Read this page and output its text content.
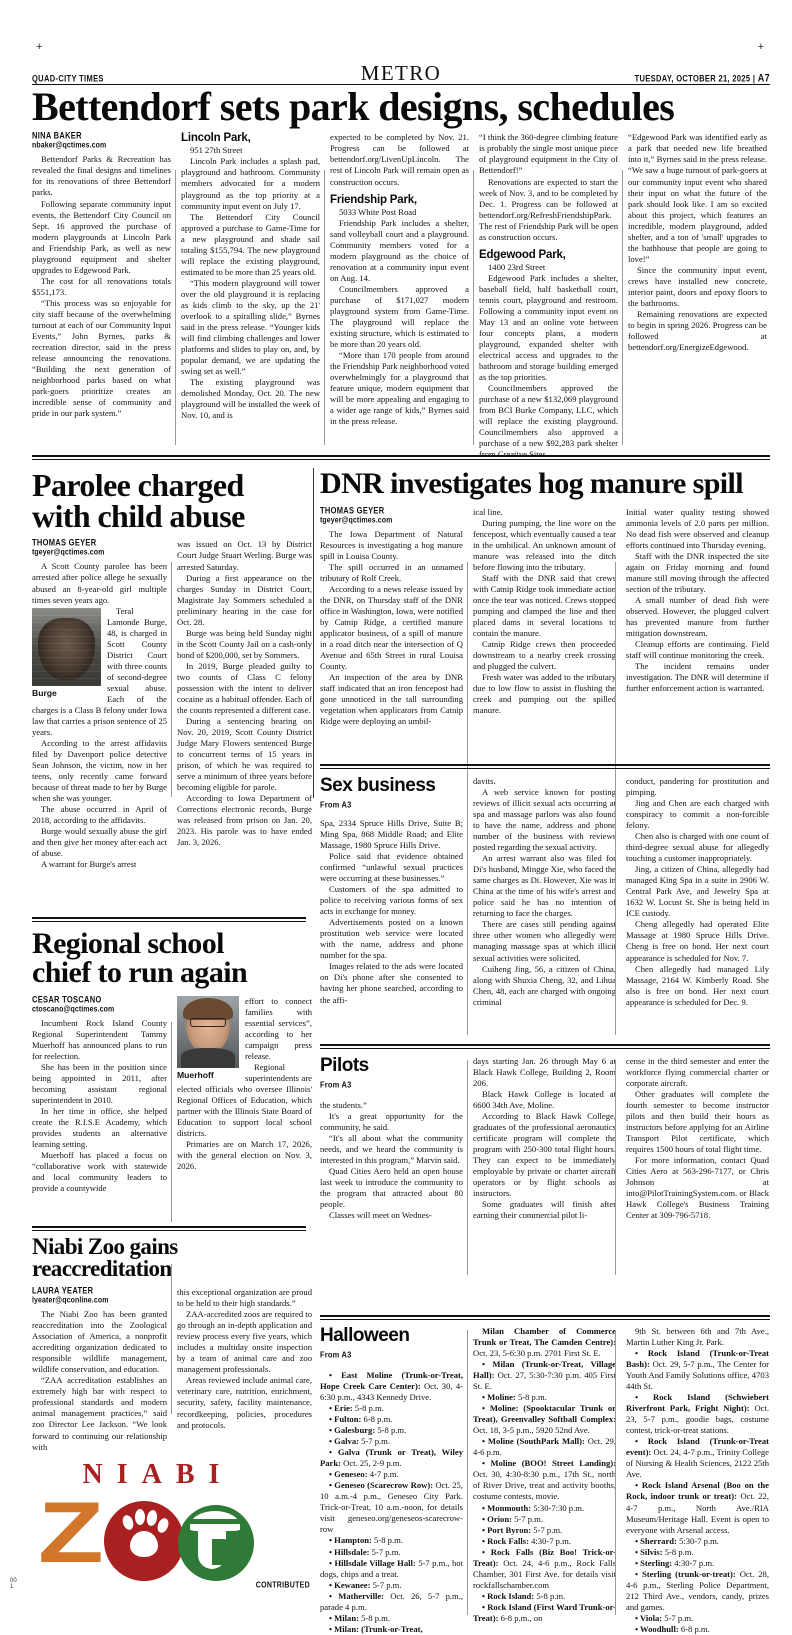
+	+
QUAD-CITY TIMES	METRO	TUESDAY, OCTOBER 21, 2025 | A7
Bettendorf sets park designs, schedules
NINA BAKER
nbaker@qctimes.com

Bettendorf Parks & Recreation has revealed the final designs and timelines for its renovations of three Bettendorf parks.

Following separate community input events, the Bettendorf City Council on Sept. 16 approved the purchase of modern playgrounds at Lincoln Park and Friendship Park, as well as new playground equipment and shelter upgrades to Edgewood Park.

The cost for all renovations totals $551,173.

“This process was so enjoyable for city staff because of the overwhelming turnout at each of our Community Input Events,” John Byrnes, parks & recreation director, said in the press release announcing the renovations. “Building the next generation of neighborhood parks based on what park-goers prioritize creates an incredible sense of community and pride in our park system.”

Lincoln Park,

951 27th Street

Lincoln Park includes a splash pad, playground and bathroom. Community members advocated for a modern playground as the top priority at a community input event on July 17.

The Bettendorf City Council approved a purchase to Game-Time for a new playground and shade sail totaling $155,794. The new playground will replace the existing playground, estimated to be more than 25 years old.

“This modern playground will tower over the old playground it is replacing as kids climb to the sky, up the 21' overlook to a spiralling slide,” Byrnes said in the press release. “Younger kids will find climbing challenges and lower platforms and slides to play on, and, by popular demand, we are updating the swing set as well.”

The existing playground was demolished Monday, Oct. 20. The new playground will be installed the week of Nov. 10, and is

expected to be completed by Nov. 21. Progress can be followed at bettendorf.org/LivenUpLincoln. The rest of Lincoln Park will remain open as construction occurs.

Friendship Park,

5033 White Post Road

Friendship Park includes a shelter, sand volleyball court and a playground. Community members voted for a modern playground as the choice of renovation at a community input event on Aug. 14.

Councilmembers approved a purchase of $171,027 modern playground system from Game-Time. The playground will replace the existing structure, which is estimated to be more than 20 years old.

“More than 170 people from around the Friendship Park neighborhood voted overwhelmingly for a playground that feature unique, modern equipment that will be more appealing and engaging to a wider age range of kids,” Byrnes said in the press release.

“I think the 360-degree climbing feature is probably the single most unique piece of playground equipment in the City of Bettendorf!”

Renovations are expected to start the week of Nov. 3, and to be completed by Dec. 1. Progress can be followed at bettendorf.org/RefreshFriendshipPark. The rest of Friendship Park will be open as construction occurs.

Edgewood Park,

1400 23rd Street

Edgewood Park includes a shelter, baseball field, half basketball court, tennis court, playground and restroom. Following a community input event on May 13 and an online vote between four concepts plans, a modern playground, expanded shelter with electrical access and upgrades to the bathroom and storage building emerged as the top priorities.

Councilmembers approved the purchase of a new $132,069 playground from BCI Burke Company, LLC, which will replace the existing playground. Councilmembers also approved a purchase of a new $92,283 park shelter from Creative Sites.

“Edgewood Park was identified early as a park that needed new life breathed into it,” Byrnes said in the press release. “We saw a huge turnout of park-goers at our community input event who shared their input on what the future of the park should look like. I am so excited about this project, which features an incredible, modern playground, added shelter, and a ton of 'small' upgrades to the bathhouse that people are going to love!”

Since the community input event, crews have installed new concrete, interior paint, doors and epoxy floors to the bathrooms.

Remaining renovations are expected to begin in spring 2026. Progress can be followed at bettendorf.org/EnergizeEdgewood.

Parolee charged
with child abuse
THOMAS GEYER
tgeyer@qctimes.com

A Scott County parolee has been arrested after police allege he sexually abused an 8-year-old girl multiple times seven years ago.

Burge

Teral Lamonde Burge, 48, is charged in Scott County District Court with three counts of second-degree sexual abuse. Each of the charges is a Class B felony under Iowa law that carries a prison sentence of 25 years.

According to the arrest affidavits filed by Davenport police detective Sean Johnson, the victim, now in her teens, only recently came forward because of threat made to her by Burge when she was younger.

The abuse occurred in April of 2018, according to the affidavits.

Burge would sexually abuse the girl and then give her money after each act of abuse.

A warrant for Burge's arrest

was issued on Oct. 13 by District Court Judge Stuart Werling. Burge was arrested Saturday.

During a first appearance on the charges Sunday in District Court, Magistrate Jay Sommers scheduled a preliminary hearing in the case for Oct. 28.

Burge was being held Sunday night in the Scott County Jail on a cash-only bond of $200,000, set by Sommers.

In 2019, Burge pleaded guilty to two counts of Class C felony possession with the intent to deliver cocaine as a habitual offender. Each of the counts represented a different case.

During a sentencing hearing on Nov. 20, 2019, Scott County District Judge Mary Flowers sentenced Burge to concurrent terms of 15 years in prison, of which he was required to serve a minimum of three years before becoming eligible for parole.

According to Iowa Department of Corrections electronic records, Burge was released from prison on Jan. 20, 2023. His parole was to have ended Jan. 3, 2026.

DNR investigates hog manure spill
THOMAS GEYER
tgeyer@qctimes.com

The Iowa Department of Natural Resources is investigating a hog manure spill in Louisa County.

The spill occurred in an unnamed tributary of Rolf Creek.

According to a news release issued by the DNR, on Thursday staff of the DNR office in Washington, Iowa, were notified by Catnip Ridge, a certified manure applicator business, of a spill of manure in a road ditch near the intersection of Q Avenue and 65th Street in rural Louisa County.

An inspection of the area by DNR staff indicated that an iron fencepost had gone unnoticed in the tall surrounding vegetation when applicators from Catnip Ridge were deploying an umbil-

ical line.

During pumping, the line wore on the fencepost, which eventually caused a tear in the umbilical. An unknown amount of manure was released into the ditch before flowing into the tributary.

Staff with the DNR said that crews with Catnip Ridge took immediate action once the tear was noticed. Crews stopped pumping and clamped the line and then placed dams in several locations to contain the manure.

Catnip Ridge crews then proceeded downstream to a nearby creek crossing and plugged the culvert.

Fresh water was added to the tributary due to low flow to assist in flushing the creek and pumping out the spilled manure.

Initial water quality testing showed ammonia levels of 2.0 parts per million. No dead fish were observed and cleanup efforts continued into Thursday evening.

Staff with the DNR inspected the site again on Friday morning and found manure still moving through the affected section of the tributary.

A small number of dead fish were observed. However, the plugged culvert has prevented manure from further mitigation downstream.

Cleanup efforts are continuing. Field staff will continue monitoring the creek.

The incident remains under investigation. The DNR will determine if further enforcement action is warranted.

Sex business
From A3

Spa, 2334 Spruce Hills Drive, Suite B; Ming Spa, 868 Middle Road; and Elite Massage, 1980 Spruce Hills Drive.

Police said that evidence obtained confirmed “unlawful sexual practices were occurring at these businesses.”

Customers of the spa admitted to police to receiving various forms of sex acts in exchange for money.

Advertisements posted on a known prostitution web service were located with the name, address and phone number for the spa.

Images related to the ads were located on Di's phone after she consented to having her phone searched, according to the affi-

davits.

A web service known for posting reviews of illicit sexual acts occurring at spa and massage parlors was also found to have the name, address and phone number of the business with reviews posted regarding the sexual activity.

An arrest warrant also was filed for Di's husband, Mingge Xie, who faced the same charges as Di. However, Xie was in China at the time of his wife's arrest and police said he has no intention of returning to face the charges.

There are cases still pending against three other women who allegedly were managing massage spas at which illicit sexual activities were solicited.

Cuiheng Jing, 56, a citizen of China, along with Shuxia Cheng, 32, and Lihua Chen, 48, each are charged with ongoing criminal

conduct, pandering for prostitution and pimping.

Jing and Chen are each charged with conspiracy to commit a non-forcible felony.

Chen also is charged with one count of third-degree sexual abuse for allegedly touching a customer inappropriately.

Jing, a citizen of China, allegedly had managed King Spa in a suite in 2906 W. Central Park Ave, and Jewelry Spa at 1632 W. Locust St. She is being held in ICE custody.

Cheng allegedly had operated Elite Massage at 1980 Spruce Hills Drive. Cheng is free on bond. Her next court appearance is scheduled for Nov. 7.

Chen allegedly had managed Lily Massage, 2164 W. Kimberly Road. She also is free on bond. Her next court appearance is scheduled for Dec. 9.

Regional school
chief to run again
CESAR TOSCANO
ctoscano@qctimes.com

Incumbent Rock Island County Regional Superintendent Tammy Muerhoff has announced plans to run for reelection.

She has been in the position since being appointed in 2011, after becoming assistant regional superintendent in 2010.

In her time in office, she helped create the R.I.S.E Academy, which provides students an alternative learning setting.

Muerhoff has placed a focus on “collaborative work with statewide and local community leaders to provide a countywide

Muerhoff

effort to connect families with essential services”, according to her campaign press release.

Regional superintendents are elected officials who oversee Illinois' Regional Offices of Education, which partner with the Illinois State Board of Education to support local school districts.

Primaries are on March 17, 2026, with the general election on Nov. 3, 2026.

Pilots
From A3

the students.”

It's a great opportunity for the community, he said.

“It's all about what the community needs, and we heard the community is interested in this program,” Marvin said.

Quad Cities Aero held an open house last week to introduce the community to the program that attracted about 80 people.

Classes will meet on Wednes-

days starting Jan. 26 through May 6 at Black Hawk College, Building 2, Room 206.

Black Hawk College is located at 6600 34th Ave, Moline.

According to Black Hawk College, graduates of the professional aeronautics certificate program will complete the program with 250-300 total flight hours. They can expect to be immediately employable by private or charter aircraft operators or by flight schools as instructors.

Some graduates will finish after earning their commercial pilot li-

cense in the third semester and enter the workforce flying commercial charter or corporate aircraft.

Other graduates will complete the fourth semester to become instructor pilots and then build their hours as instructors before applying for an Airline Transport Pilot certificate, which requires 1500 hours of total flight time.

For more information, contact Quad Cities Aero at 563-296-7177, or Chris Johnson at into@PilotTrainingSystem.com. or Black Hawk College's Business Training Center at 309-796-5718.

Niabi Zoo gains reaccreditation
LAURA YEATER
lyeater@qconline.com

The Niabi Zoo has been granted reaccreditation into the Zoological Association of America, a nonprofit accrediting organization dedicated to responsible wildlife management, wildlife conservation, and education.

“ZAA accreditation establishes an extremely high bar with respect to professional standards and modern animal management practices,” said zoo Director Lee Jackson. “We look forward to continuing our relationship with

this exceptional organization are proud to be held to their high standards.”

ZAA-accredited zoos are required to go through an in-depth application and review process every five years, which includes a multiday onsite inspection by a team of animal care and zoo management professionals.

Areas reviewed include animal care, veterinary care, nutrition, enrichment, security, safety, facility maintenance, recordkeeping, policies, procedures and protocols.

NIABI
Z
CONTRIBUTED
Halloween
From A3

• East Moline (Trunk-or-Treat, Hope Creek Care Center): Oct. 30, 4-6:30 p.m., 4343 Kennedy Drive.

• Erie: 5-8 p.m.

• Fulton: 6-8 p.m.

• Galesburg: 5-8 p.m.

• Galva: 5-7 p.m.

• Galva (Trunk or Treat), Wiley Park: Oct. 25, 2-9 p.m.

• Geneseo: 4-7 p.m.

• Geneseo (Scarecrow Row): Oct. 25, 10 a.m.-4 p.m., Geneseo City Park. Trick-or-Treat, 10 a.m.-noon, for details visit geneseo.org/geneseos-scarecrow-row

• Hampton: 5-8 p.m.

• Hillsdale: 5-7 p.m.

• Hillsdale Village Hall: 5-7 p.m., hot dogs, chips and a treat.

• Kewanee: 5-7 p.m.

• Matherville: Oct. 26, 5-7 p.m., parade 4 p.m.

• Milan: 5-8 p.m.

• Milan: (Trunk-or-Treat,

Milan Chamber of Commerce Trunk or Treat, The Camden Centre): Oct. 23, 5-6:30 p.m. 2701 First St. E.

• Milan (Trunk-or-Treat, Village Hall): Oct. 27, 5:30-7:30 p.m. 405 First St. E.

• Moline: 5-8 p.m.

• Moline: (Spooktacular Trunk or Treat), Greenvalley Softball Complex: Oct. 18, 3-5 p.m., 5920 52nd Ave.

• Moline (SouthPark Mall): Oct. 29, 4-6 p.m.

• Moline (BOO! Street Landing): Oct. 30, 4:30-8:30 p.m., 17th St., north of River Drive, treat and activity booths, costume contests, movie.

• Monmouth: 5:30-7:30 p.m.

• Orion: 5-7 p.m.

• Port Byron: 5-7 p.m.

• Rock Falls: 4:30-7 p.m.

• Rock Falls (Biz Boo! Trick-or-Treat): Oct. 24, 4-6 p.m., Rock Falls Chamber, 301 First Ave. for details visit rockfallschamber.com

• Rock Island: 5-8 p.m.

• Rock Island (First Ward Trunk-or-Treat): 6-8 p.m., on

9th St. between 6th and 7th Ave., Martin Luther King Jr. Park.

• Rock Island (Trunk-or-Treat Bash): Oct. 29, 5-7 p.m., The Center for Youth And Family Solutions office, 4703 44th St.

• Rock Island (Schwiebert Riverfront Park, Fright Night): Oct. 23, 5-7 p.m., goodie bags, costume contest, trick-or-treat stations.

• Rock Island (Trunk-or-Treat event): Oct. 24, 4-7 p.m., Trinity College of Nursing & Health Sciences, 2122 25th Ave.

• Rock Island Arsenal (Boo on the Rock, indoor trunk or treat): Oct. 22, 4-7 p.m., North Ave./RIA Museum/Heritage Hall. Event is open to everyone with Arsenal access.

• Sherrard: 5:30-7 p.m.

• Silvis: 5-8 p.m.

• Sterling: 4:30-7 p.m.

• Sterling (trunk-or-treat): Oct. 28, 4-6 p.m., Sterling Police Department, 212 Third Ave., vendors, candy, prizes and games.

• Viola: 5-7 p.m.

• Woodhull: 6-8 p.m.

00
1
